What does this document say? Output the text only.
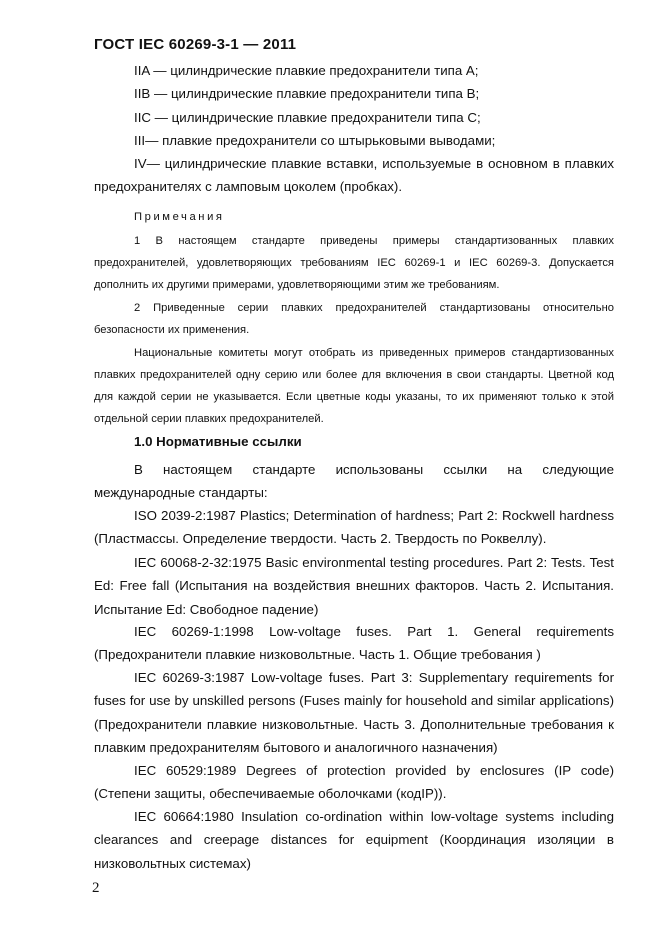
ГОСТ IEC 60269-3-1 — 2011
IIA — цилиндрические плавкие предохранители типа A;
IIB — цилиндрические плавкие предохранители типа B;
IIC — цилиндрические плавкие предохранители типа C;
III— плавкие предохранители со штырьковыми выводами;
IV— цилиндрические плавкие вставки, используемые в основном в плавких предохранителях с ламповым цоколем (пробках).
Примечания
1 В настоящем стандарте приведены примеры стандартизованных плавких предохранителей, удовлетворяющих требованиям IEC 60269-1 и IEC 60269-3. Допускается дополнить их другими примерами, удовлетворяющими этим же требованиям.
2 Приведенные серии плавких предохранителей стандартизованы относительно безопасности их применения.
Национальные комитеты могут отобрать из приведенных примеров стандартизованных плавких предохранителей одну серию или более для включения в свои стандарты. Цветной код для каждой серии не указывается. Если цветные коды указаны, то их применяют только к этой отдельной серии плавких предохранителей.
1.0 Нормативные ссылки
В настоящем стандарте использованы ссылки на следующие международные стандарты:
ISO 2039-2:1987 Plastics; Determination of hardness; Part 2: Rockwell hardness (Пластмассы. Определение твердости. Часть 2. Твердость по Роквеллу).
IEC 60068-2-32:1975 Basic environmental testing procedures. Part 2: Tests. Test Ed: Free fall (Испытания на воздействия внешних факторов. Часть 2. Испытания. Испытание Ed: Свободное падение)
IEC 60269-1:1998 Low-voltage fuses. Part 1. General requirements (Предохранители плавкие низковольтные. Часть 1. Общие требования )
IEC 60269-3:1987 Low-voltage fuses. Part 3: Supplementary requirements for fuses for use by unskilled persons (Fuses mainly for household and similar applications) (Предохранители плавкие низковольтные. Часть 3. Дополнительные требования к плавким предохранителям бытового и аналогичного назначения)
IEC 60529:1989 Degrees of protection provided by enclosures (IP code) (Степени защиты, обеспечиваемые оболочками (кодIP)).
IEC 60664:1980 Insulation co-ordination within low-voltage systems including clearances and creepage distances for equipment (Координация изоляции в низковольтных системах)
2
